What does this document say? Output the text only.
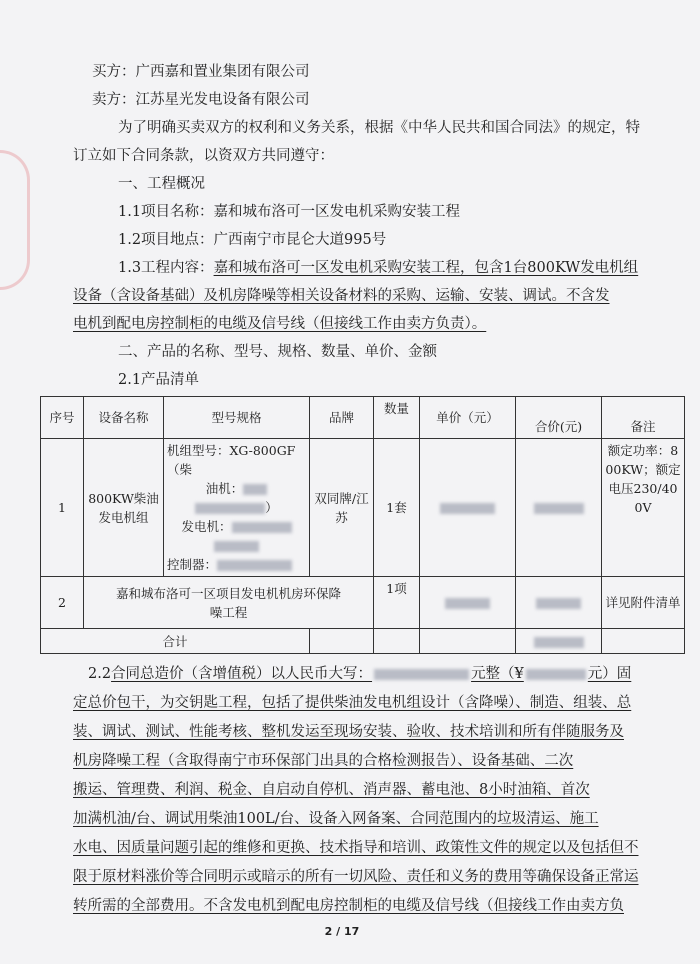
买方：广西嘉和置业集团有限公司
卖方：江苏星光发电设备有限公司
为了明确买卖双方的权利和义务关系，根据《中华人民共和国合同法》的规定，特
订立如下合同条款，以资双方共同遵守：
一、工程概况
1.1项目名称：嘉和城布洛可一区发电机采购安装工程
1.2项目地点：广西南宁市昆仑大道995号
1.3工程内容：嘉和城布洛可一区发电机采购安装工程，包含1台800KW发电机组
设备（含设备基础）及机房降噪等相关设备材料的采购、运输、安装、调试。不含发
电机到配电房控制柜的电缆及信号线（但接线工作由卖方负责）。
二、产品的名称、型号、规格、数量、单价、金额
2.1产品清单
序号	设备名称	型号规格	品牌	数量	单价（元）	合价(元)	备注
1	800KW柴油发电机组	机组型号：XG-800GF（柴
油机：
）
发电机：
控制器：	双同牌/江苏	1套			额定功率：800KW；额定电压230/400V
2	嘉和城布洛可一区项目发电机机房环保降噪工程			1项			详见附件清单
合计							
2.2合同总造价（含增值税）以人民币大写：	元整（¥	元）固
定总价包干，为交钥匙工程，包括了提供柴油发电机组设计（含降噪）、制造、组装、总
装、调试、测试、性能考核、整机发运至现场安装、验收、技术培训和所有伴随服务及
机房降噪工程（含取得南宁市环保部门出具的合格检测报告）、设备基础、二次
搬运、管理费、利润、税金、自启动自停机、消声器、蓄电池、8小时油箱、首次
加满机油/台、调试用柴油100L/台、设备入网备案、合同范围内的垃圾清运、施工
水电、因质量问题引起的维修和更换、技术指导和培训、政策性文件的规定以及包括但不
限于原材料涨价等合同明示或暗示的所有一切风险、责任和义务的费用等确保设备正常运
转所需的全部费用。不含发电机到配电房控制柜的电缆及信号线（但接线工作由卖方负
2 / 17
